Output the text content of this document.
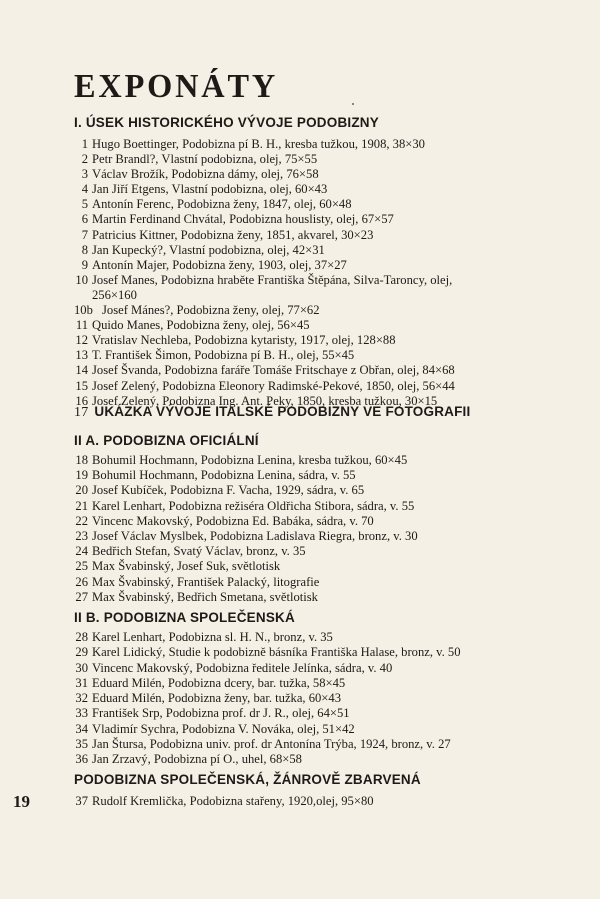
EXPONÁTY
I. ÚSEK HISTORICKÉHO VÝVOJE PODOBIZNY
1 Hugo Boettinger, Podobizna pí B. H., kresba tužkou, 1908, 38×30
2 Petr Brandl?, Vlastní podobizna, olej, 75×55
3 Václav Brožík, Podobizna dámy, olej, 76×58
4 Jan Jiří Etgens, Vlastní podobizna, olej, 60×43
5 Antonín Ferenc, Podobizna ženy, 1847, olej, 60×48
6 Martin Ferdinand Chvátal, Podobizna houslisty, olej, 67×57
7 Patricius Kittner, Podobizna ženy, 1851, akvarel, 30×23
8 Jan Kupecký?, Vlastní podobizna, olej, 42×31
9 Antonín Majer, Podobizna ženy, 1903, olej, 37×27
10 Josef Manes, Podobizna hraběte Františka Štěpána, Silva-Taroncy, olej,
256×160
10b Josef Mánes?, Podobizna ženy, olej, 77×62
11 Quido Manes, Podobizna ženy, olej, 56×45
12 Vratislav Nechleba, Podobizna kytaristy, 1917, olej, 128×88
13 T. František Šimon, Podobizna pí B. H., olej, 55×45
14 Josef Švanda, Podobizna faráře Tomáše Fritschaye z Obřan, olej, 84×68
15 Josef Zelený, Podobizna Eleonory Radimské-Pekové, 1850, olej, 56×44
16 Josef Zelený, Podobizna Ing. Ant. Peky, 1850, kresba tužkou, 30×15
17 UKÁZKA VÝVOJE ITALSKÉ PODOBIZNY VE FOTOGRAFII
II A. PODOBIZNA OFICIÁLNÍ
18 Bohumil Hochmann, Podobizna Lenina, kresba tužkou, 60×45
19 Bohumil Hochmann, Podobizna Lenina, sádra, v. 55
20 Josef Kubíček, Podobizna F. Vacha, 1929, sádra, v. 65
21 Karel Lenhart, Podobizna režiséra Oldřicha Stibora, sádra, v. 55
22 Vincenc Makovský, Podobizna Ed. Babáka, sádra, v. 70
23 Josef Václav Myslbek, Podobizna Ladislava Riegra, bronz, v. 30
24 Bedřich Stefan, Svatý Václav, bronz, v. 35
25 Max Švabinský, Josef Suk, světlotisk
26 Max Švabinský, František Palacký, litografie
27 Max Švabinský, Bedřich Smetana, světlotisk
II B. PODOBIZNA SPOLEČENSKÁ
28 Karel Lenhart, Podobizna sl. H. N., bronz, v. 35
29 Karel Lidický, Studie k podobizně básníka Františka Halase, bronz, v. 50
30 Vincenc Makovský, Podobizna ředitele Jelínka, sádra, v. 40
31 Eduard Milén, Podobizna dcery, bar. tužka, 58×45
32 Eduard Milén, Podobizna ženy, bar. tužka, 60×43
33 František Srp, Podobizna prof. dr J. R., olej, 64×51
34 Vladimír Sychra, Podobizna V. Nováka, olej, 51×42
35 Jan Štursa, Podobizna univ. prof. dr Antonína Trýba, 1924, bronz, v. 27
36 Jan Zrzavý, Podobizna pí O., uhel, 68×58
PODOBIZNA SPOLEČENSKÁ, ŽÁNROVĚ ZBARVENÁ
37 Rudolf Kremlička, Podobizna stařeny, 1920,olej, 95×80
19
